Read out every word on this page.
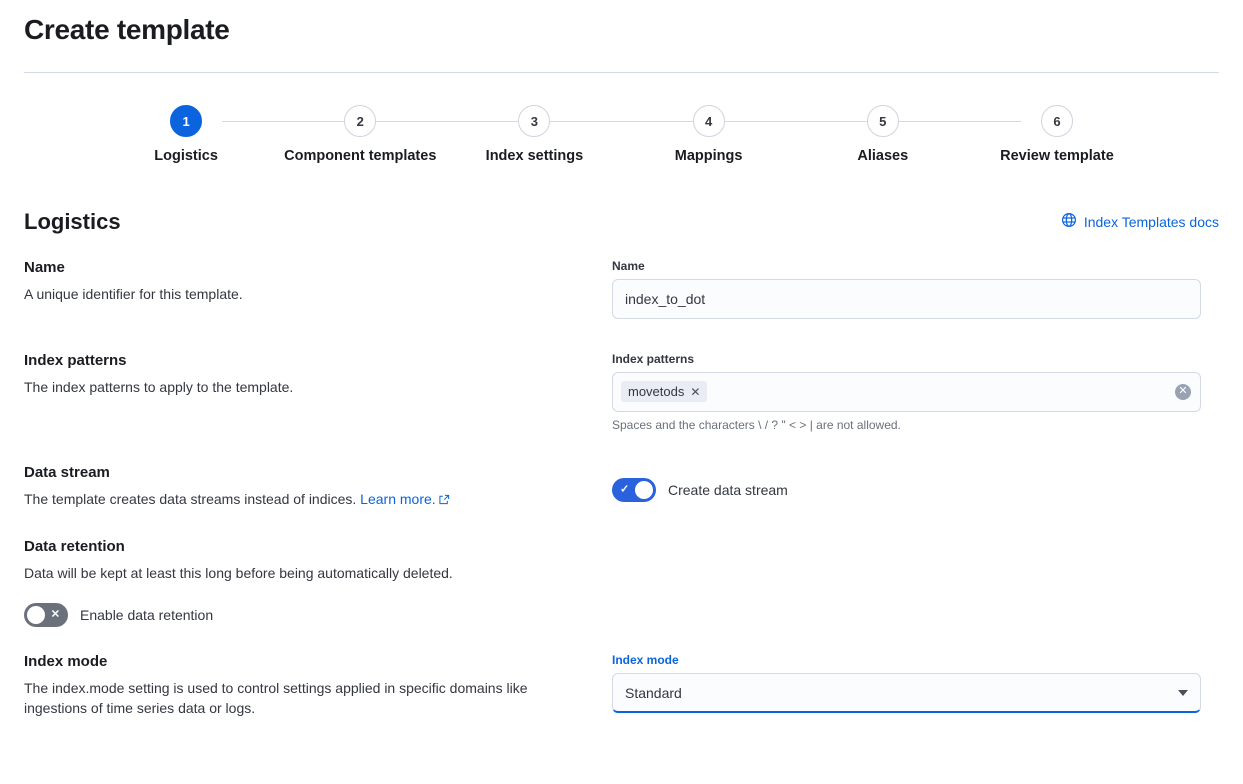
Create template
1
Logistics
2
Component templates
3
Index settings
4
Mappings
5
Aliases
6
Review template
Logistics	Index Templates docs

Name

A unique identifier for this template.

Name
index_to_dot

Index patterns

The index patterns to apply to the template.

Index patterns
movetods ✕	✕
Spaces and the characters \ / ? " < > | are not allowed.

Data stream

The template creates data streams instead of indices. Learn more.

✓	Create data stream

Data retention

Data will be kept at least this long before being automatically deleted.

✕ Enable data retention

Index mode

The index.mode setting is used to control settings applied in specific domains like ingestions of time series data or logs.

Index mode
Standard
